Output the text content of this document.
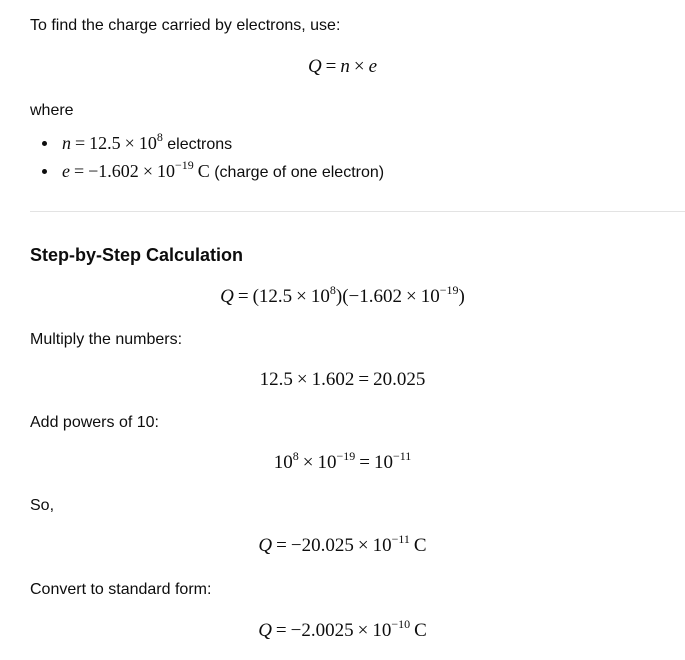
To find the charge carried by electrons, use:
Q = n × e
where
$n = 12.5 \times 10^8$ electrons
$e = -1.602 \times 10^{-19}$ C (charge of one electron)
Step-by-Step Calculation
$Q = (12.5 \times 10^8)(-1.602 \times 10^{-19})$
Multiply the numbers:
12.5 × 1.602 = 20.025
Add powers of 10:
$10^8 \times 10^{-19} = 10^{-11}$
So,
$Q = -20.025 \times 10^{-11}$ C
Convert to standard form:
$Q = -2.0025 \times 10^{-10}$ C
